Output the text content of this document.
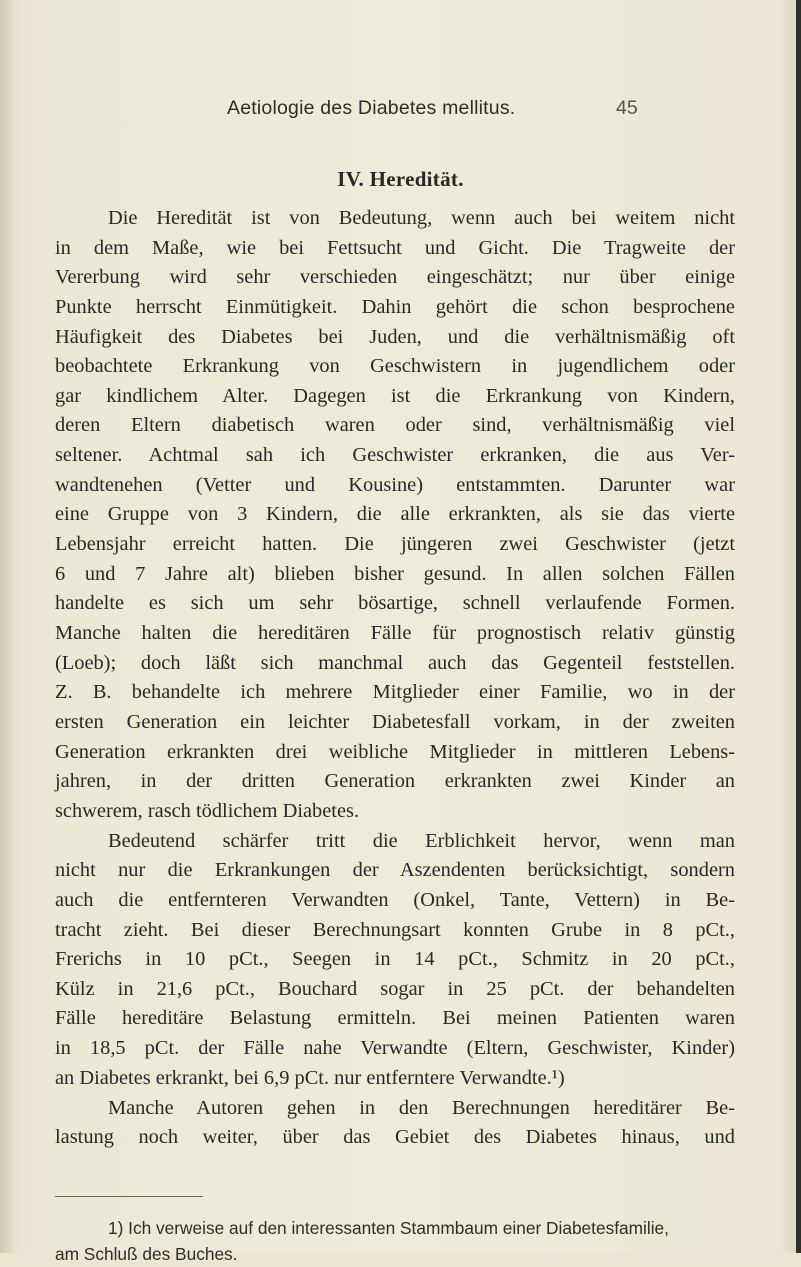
Aetiologie des Diabetes mellitus.	45
IV. Heredität.
Die Heredität ist von Bedeutung, wenn auch bei weitem nicht
in dem Maße, wie bei Fettsucht und Gicht. Die Tragweite der
Vererbung wird sehr verschieden eingeschätzt; nur über einige
Punkte herrscht Einmütigkeit. Dahin gehört die schon besprochene
Häufigkeit des Diabetes bei Juden, und die verhältnismäßig oft
beobachtete Erkrankung von Geschwistern in jugendlichem oder
gar kindlichem Alter. Dagegen ist die Erkrankung von Kindern,
deren Eltern diabetisch waren oder sind, verhältnismäßig viel
seltener. Achtmal sah ich Geschwister erkranken, die aus Ver-
wandtenehen (Vetter und Kousine) entstammten. Darunter war
eine Gruppe von 3 Kindern, die alle erkrankten, als sie das vierte
Lebensjahr erreicht hatten. Die jüngeren zwei Geschwister (jetzt
6 und 7 Jahre alt) blieben bisher gesund. In allen solchen Fällen
handelte es sich um sehr bösartige, schnell verlaufende Formen.
Manche halten die hereditären Fälle für prognostisch relativ günstig
(Loeb); doch läßt sich manchmal auch das Gegenteil feststellen.
Z. B. behandelte ich mehrere Mitglieder einer Familie, wo in der
ersten Generation ein leichter Diabetesfall vorkam, in der zweiten
Generation erkrankten drei weibliche Mitglieder in mittleren Lebens-
jahren, in der dritten Generation erkrankten zwei Kinder an
schwerem, rasch tödlichem Diabetes.
Bedeutend schärfer tritt die Erblichkeit hervor, wenn man
nicht nur die Erkrankungen der Aszendenten berücksichtigt, sondern
auch die entfernteren Verwandten (Onkel, Tante, Vettern) in Be-
tracht zieht. Bei dieser Berechnungsart konnten Grube in 8 pCt.,
Frerichs in 10 pCt., Seegen in 14 pCt., Schmitz in 20 pCt.,
Külz in 21,6 pCt., Bouchard sogar in 25 pCt. der behandelten
Fälle hereditäre Belastung ermitteln. Bei meinen Patienten waren
in 18,5 pCt. der Fälle nahe Verwandte (Eltern, Geschwister, Kinder)
an Diabetes erkrankt, bei 6,9 pCt. nur entferntere Verwandte.¹)
Manche Autoren gehen in den Berechnungen hereditärer Be-
lastung noch weiter, über das Gebiet des Diabetes hinaus, und
1) Ich verweise auf den interessanten Stammbaum einer Diabetesfamilie,
am Schluß des Buches.
